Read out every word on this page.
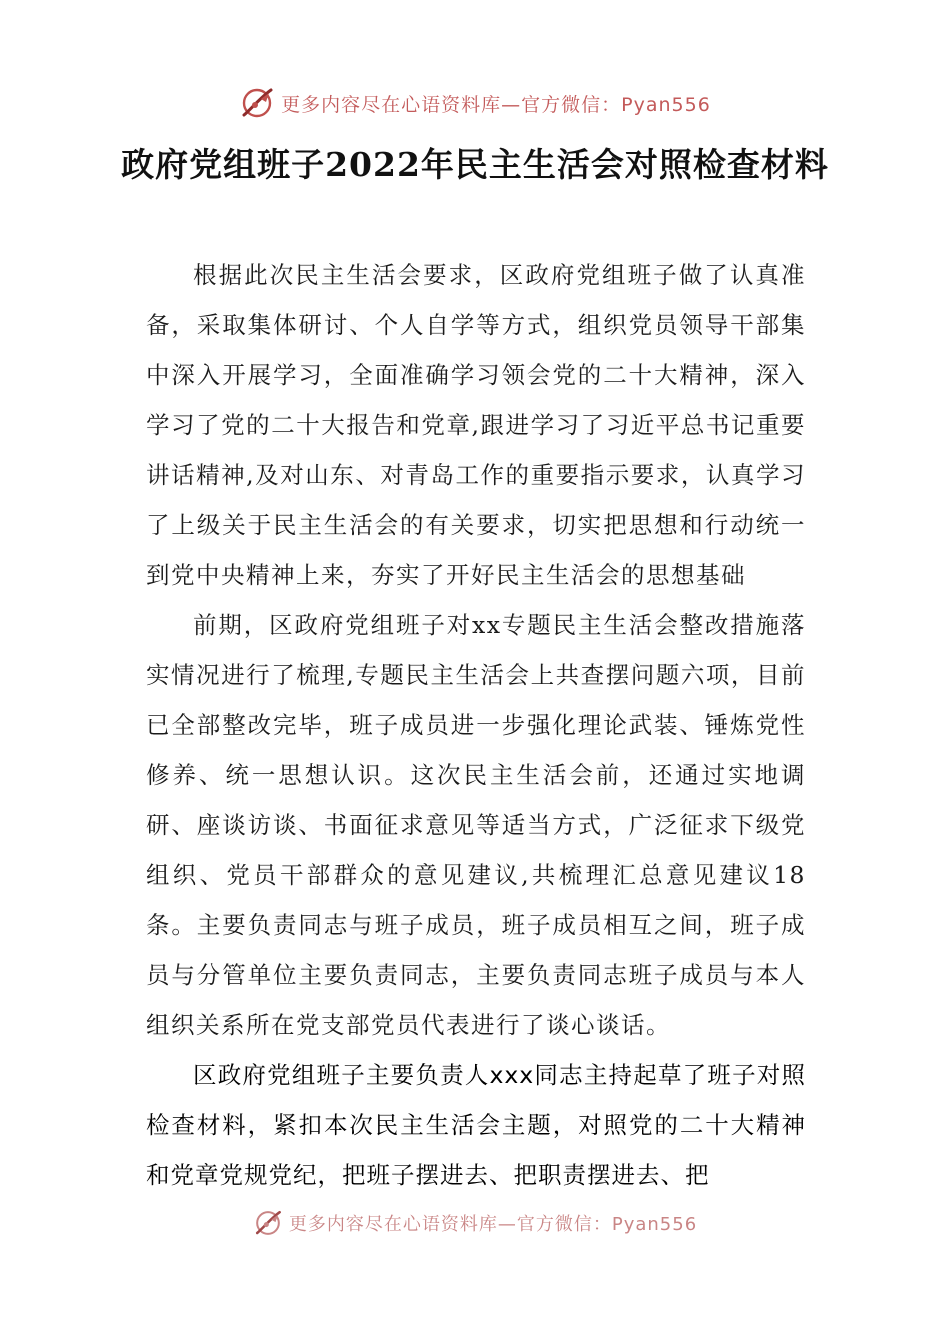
更多内容尽在心语资料库—官方微信：Pyan556
政府党组班子2022年民主生活会对照检查材料

根据此次民主生活会要求，区政府党组班子做了认真准备，采取集体研讨、个人自学等方式，组织党员领导干部集中深入开展学习，全面准确学习领会党的二十大精神，深入学习了党的二十大报告和党章,跟进学习了习近平总书记重要讲话精神,及对山东、对青岛工作的重要指示要求，认真学习了上级关于民主生活会的有关要求，切实把思想和行动统一到党中央精神上来，夯实了开好民主生活会的思想基础

前期，区政府党组班子对xx专题民主生活会整改措施落实情况进行了梳理,专题民主生活会上共查摆问题六项，目前已全部整改完毕，班子成员进一步强化理论武装、锤炼党性修养、统一思想认识。这次民主生活会前，还通过实地调研、座谈访谈、书面征求意见等适当方式，广泛征求下级党组织、党员干部群众的意见建议,共梳理汇总意见建议18条。主要负责同志与班子成员，班子成员相互之间，班子成员与分管单位主要负责同志，主要负责同志班子成员与本人组织关系所在党支部党员代表进行了谈心谈话。

区政府党组班子主要负责人xxx同志主持起草了班子对照检查材料，紧扣本次民主生活会主题，对照党的二十大精神和党章党规党纪，把班子摆进去、把职责摆进去、把

更多内容尽在心语资料库—官方微信：Pyan556
